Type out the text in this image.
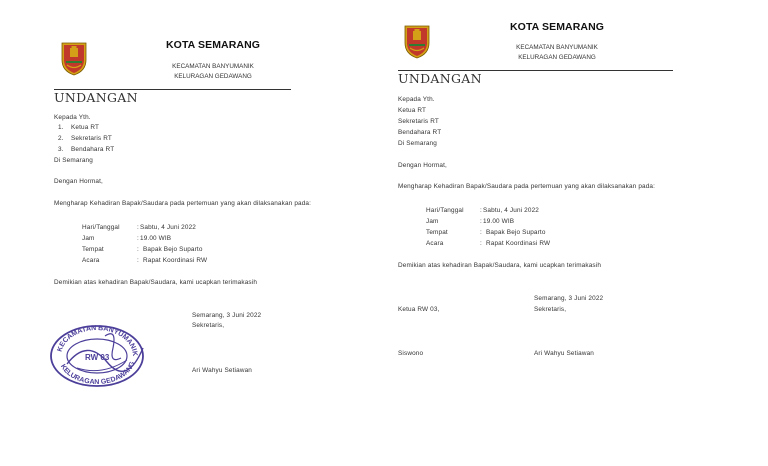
KOTA SEMARANG
KECAMATAN BANYUMANIK
KELURAGAN GEDAWANG
UNDANGAN
Kepada Yth.
1. Ketua RT
2. Sekretaris RT
3. Bendahara RT
Di Semarang
Dengan Hormat,
Mengharap Kehadiran Bapak/Saudara pada pertemuan yang akan dilaksanakan pada:
Hari/Tanggal	: Sabtu, 4 Juni 2022
Jam	: 19.00 WIB
Tempat	: Bapak Bejo Suparto
Acara	: Rapat Koordinasi RW
Demikian atas kehadiran Bapak/Saudara, kami ucapkan terimakasih
Semarang, 3 Juni 2022
Sekretaris,
Ari Wahyu Setiawan
KECAMATAN BANYUMANIK
KELURAGAN GEDAWANG
RW 03
KOTA SEMARANG
KECAMATAN BANYUMANIK
KELURAGAN GEDAWANG
UNDANGAN
Kepada Yth.
Ketua RT
Sekretaris RT
Bendahara RT
Di Semarang
Dengan Hormat,
Mengharap Kehadiran Bapak/Saudara pada pertemuan yang akan dilaksanakan pada:
Hari/Tanggal	: Sabtu, 4 Juni 2022
Jam	: 19.00 WIB
Tempat	: Bapak Bejo Suparto
Acara	: Rapat Koordinasi RW
Demikian atas kehadiran Bapak/Saudara, kami ucapkan terimakasih
Semarang, 3 Juni 2022
Ketua RW 03,	Sekretaris,
Siswono	Ari Wahyu Setiawan
